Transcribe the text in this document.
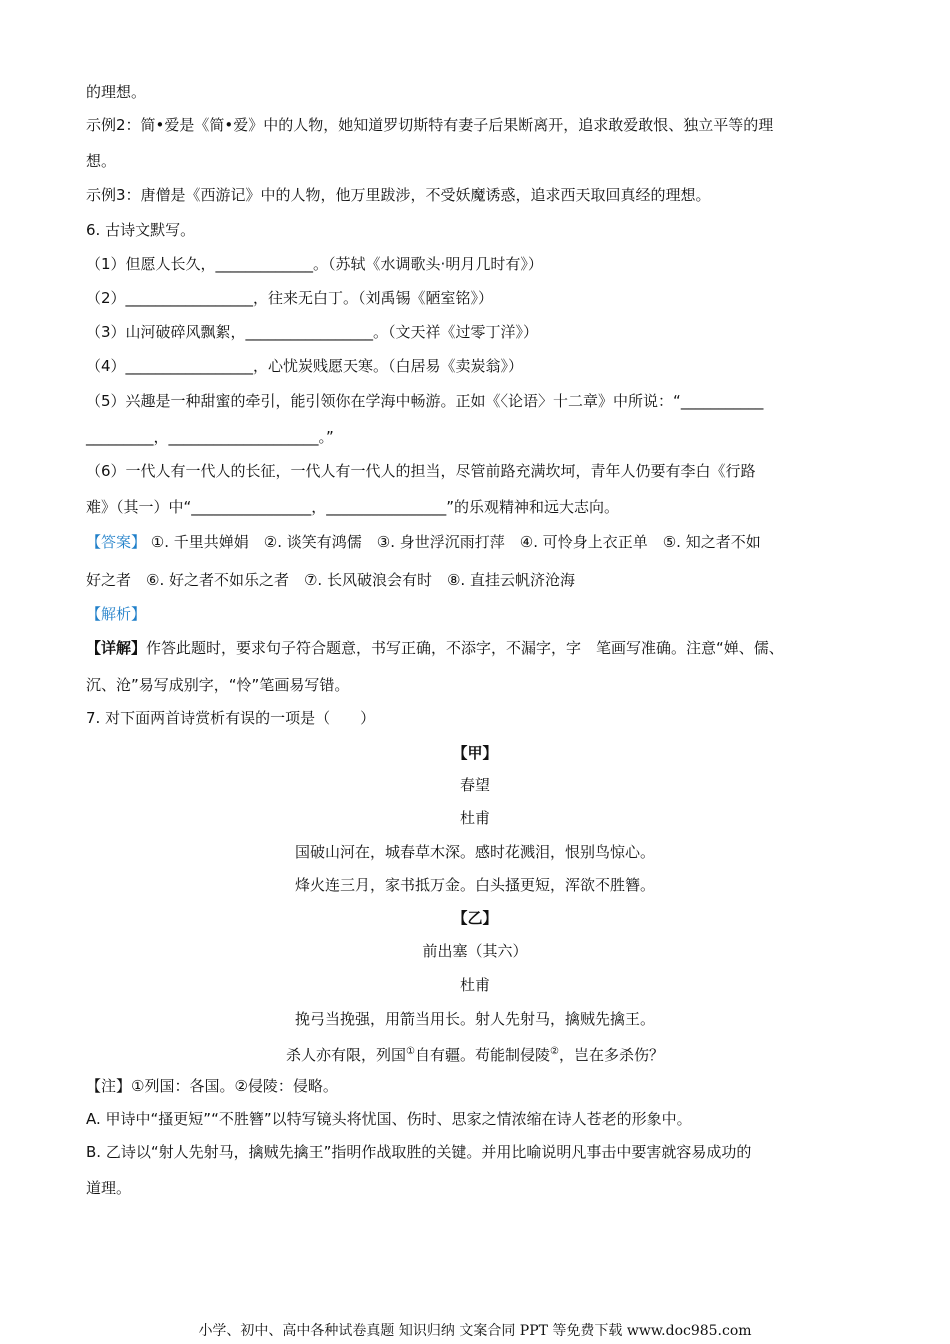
的理想。
示例2：简•爱是《简•爱》中的人物，她知道罗切斯特有妻子后果断离开，追求敢爱敢恨、独立平等的理
想。
示例3：唐僧是《西游记》中的人物，他万里跋涉，不受妖魔诱惑，追求西天取回真经的理想。
6. 古诗文默写。
（1）但愿人长久，_____________。（苏轼《水调歌头·明月几时有》）
（2）_________________，往来无白丁。（刘禹锡《陋室铭》）
（3）山河破碎风飘絮，_________________。（文天祥《过零丁洋》）
（4）_________________，心忧炭贱愿天寒。（白居易《卖炭翁》）
（5）兴趣是一种甜蜜的牵引，能引领你在学海中畅游。正如《〈论语〉十二章》中所说：“___________
_________，____________________。”
（6）一代人有一代人的长征，一代人有一代人的担当，尽管前路充满坎坷，青年人仍要有李白《行路
难》（其一）中“________________，________________”的乐观精神和远大志向。
【答案】 ①. 千里共婵娟　②. 谈笑有鸿儒　③. 身世浮沉雨打萍　④. 可怜身上衣正单　⑤. 知之者不如
好之者　⑥. 好之者不如乐之者　⑦. 长风破浪会有时　⑧. 直挂云帆济沧海
【解析】
【详解】作答此题时，要求句子符合题意，书写正确，不添字，不漏字，字　笔画写准确。注意“婵、儒、
沉、沧”易写成别字，“怜”笔画易写错。
7. 对下面两首诗赏析有误的一项是（　　）
【甲】
春望
杜甫
国破山河在，城春草木深。感时花溅泪，恨别鸟惊心。
烽火连三月，家书抵万金。白头搔更短，浑欲不胜簪。
【乙】
前出塞（其六）
杜甫
挽弓当挽强，用箭当用长。射人先射马，擒贼先擒王。
杀人亦有限，列国①自有疆。苟能制侵陵②，岂在多杀伤？
【注】①列国：各国。②侵陵：侵略。
A. 甲诗中“搔更短”“不胜簪”以特写镜头将忧国、伤时、思家之情浓缩在诗人苍老的形象中。
B. 乙诗以“射人先射马，擒贼先擒王”指明作战取胜的关键。并用比喻说明凡事击中要害就容易成功的
道理。
小学、初中、高中各种试卷真题 知识归纳 文案合同 PPT 等免费下载 www.doc985.com
